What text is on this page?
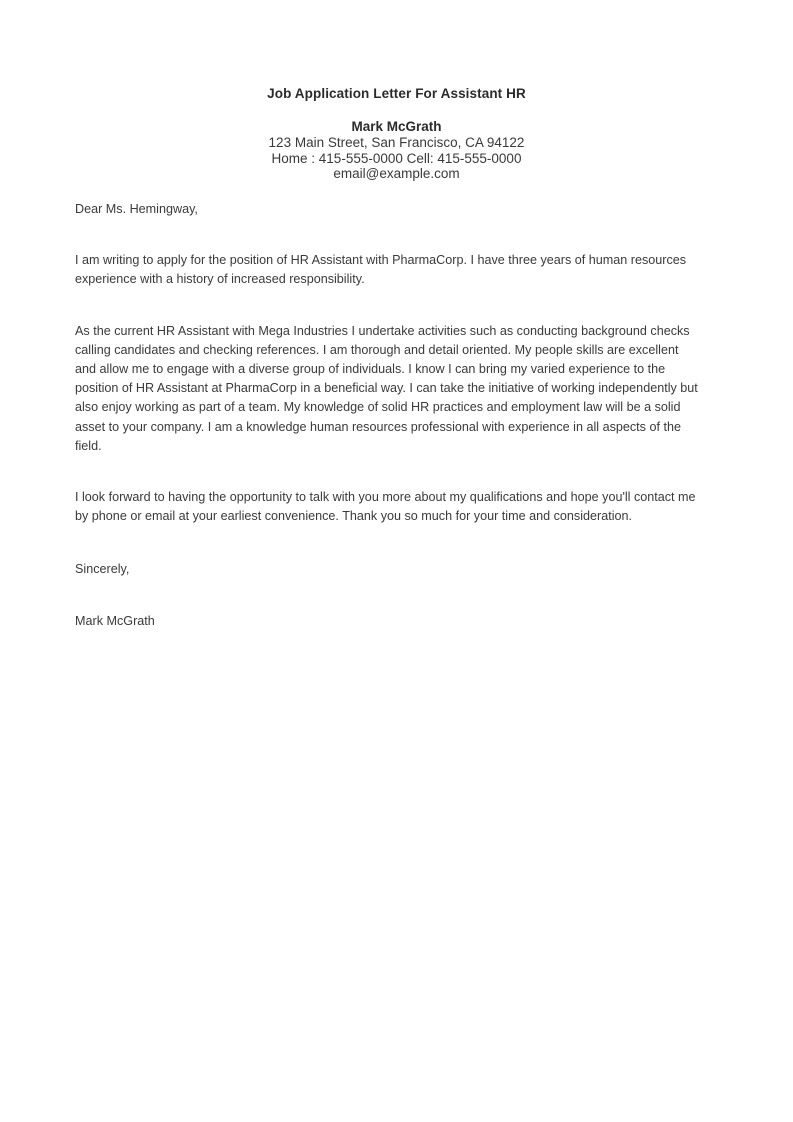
Job Application Letter For Assistant HR
Mark McGrath
123 Main Street, San Francisco, CA 94122
Home : 415-555-0000 Cell: 415-555-0000
email@example.com

Dear Ms. Hemingway,

I am writing to apply for the position of HR Assistant with PharmaCorp. I have three years of human resources experience with a history of increased responsibility.

As the current HR Assistant with Mega Industries I undertake activities such as conducting background checks calling candidates and checking references. I am thorough and detail oriented. My people skills are excellent and allow me to engage with a diverse group of individuals. I know I can bring my varied experience to the position of HR Assistant at PharmaCorp in a beneficial way. I can take the initiative of working independently but also enjoy working as part of a team. My knowledge of solid HR practices and employment law will be a solid asset to your company. I am a knowledge human resources professional with experience in all aspects of the field.

I look forward to having the opportunity to talk with you more about my qualifications and hope you'll contact me by phone or email at your earliest convenience. Thank you so much for your time and consideration.

Sincerely,

Mark McGrath
